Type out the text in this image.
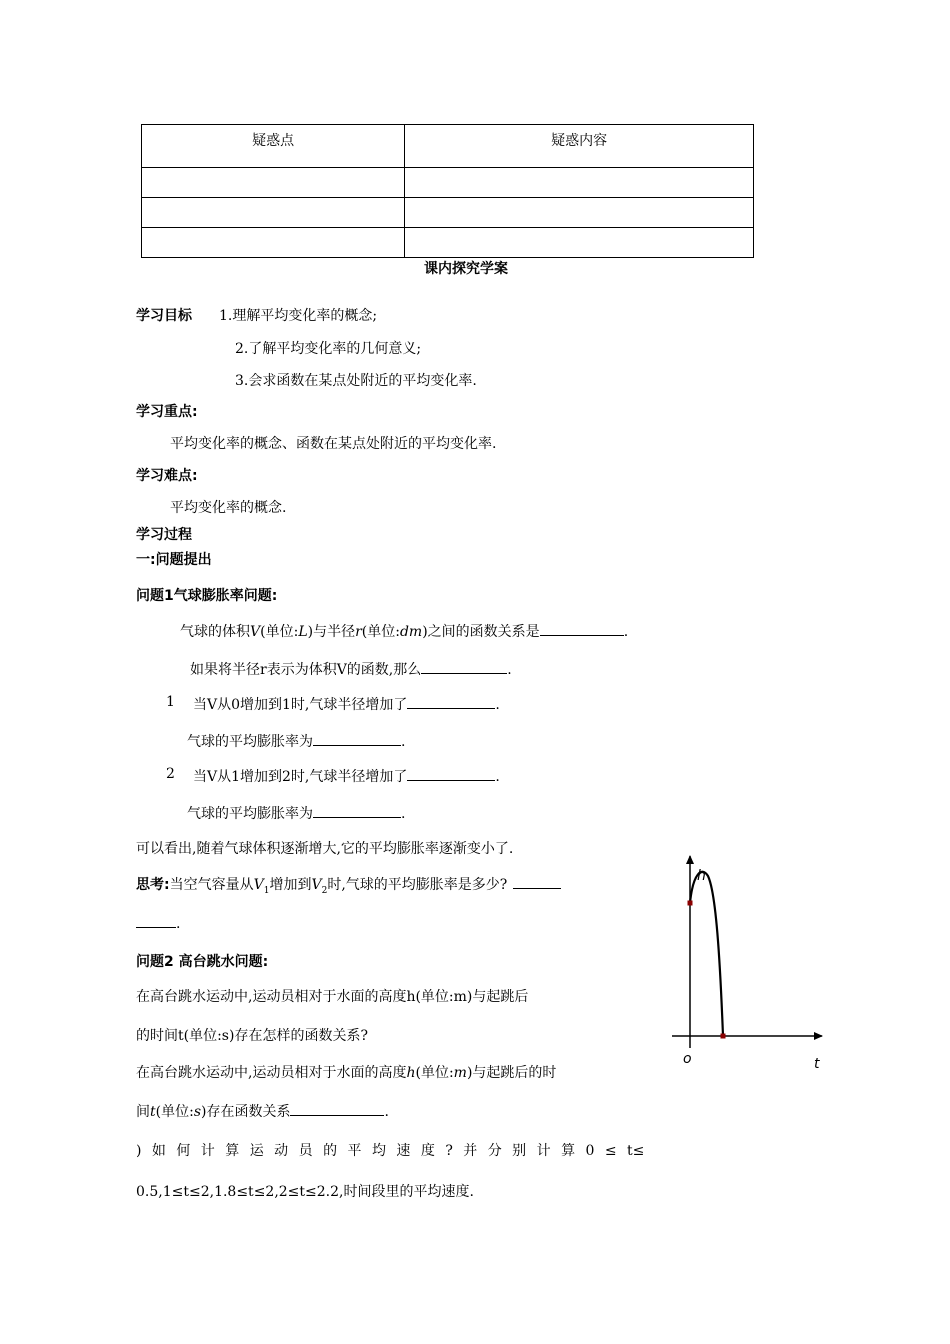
疑惑点	疑惑内容

课内探究学案
学习目标 1.理解平均变化率的概念;
2.了解平均变化率的几何意义;
3.会求函数在某点处附近的平均变化率.
学习重点:
平均变化率的概念、函数在某点处附近的平均变化率.
学习难点:
平均变化率的概念.
学习过程
一:问题提出
问题1气球膨胀率问题:
气球的体积V(单位:L)与半径r(单位:dm)之间的函数关系是	.
如果将半径r表示为体积V的函数,那么	.
1 当V从0增加到1时,气球半径增加了	.
气球的平均膨胀率为	.
2 当V从1增加到2时,气球半径增加了	.
气球的平均膨胀率为	.
可以看出,随着气球体积逐渐增大,它的平均膨胀率逐渐变小了.
思考:当空气容量从$V_1$增加到$V_2$时,气球的平均膨胀率是多少?
.
问题2 高台跳水问题:
在高台跳水运动中,运动员相对于水面的高度h(单位:m)与起跳后
的时间t(单位:s)存在怎样的函数关系?
在高台跳水运动中,运动员相对于水面的高度h(单位:m)与起跳后的时
间t(单位:s)存在函数关系	.
) 如 何 计 算 运 动 员 的 平 均 速 度 ? 并 分 别 计 算 0 ≤ t≤
0.5,1≤t≤2,1.8≤t≤2,2≤t≤2.2,时间段里的平均速度.
h
t
o
